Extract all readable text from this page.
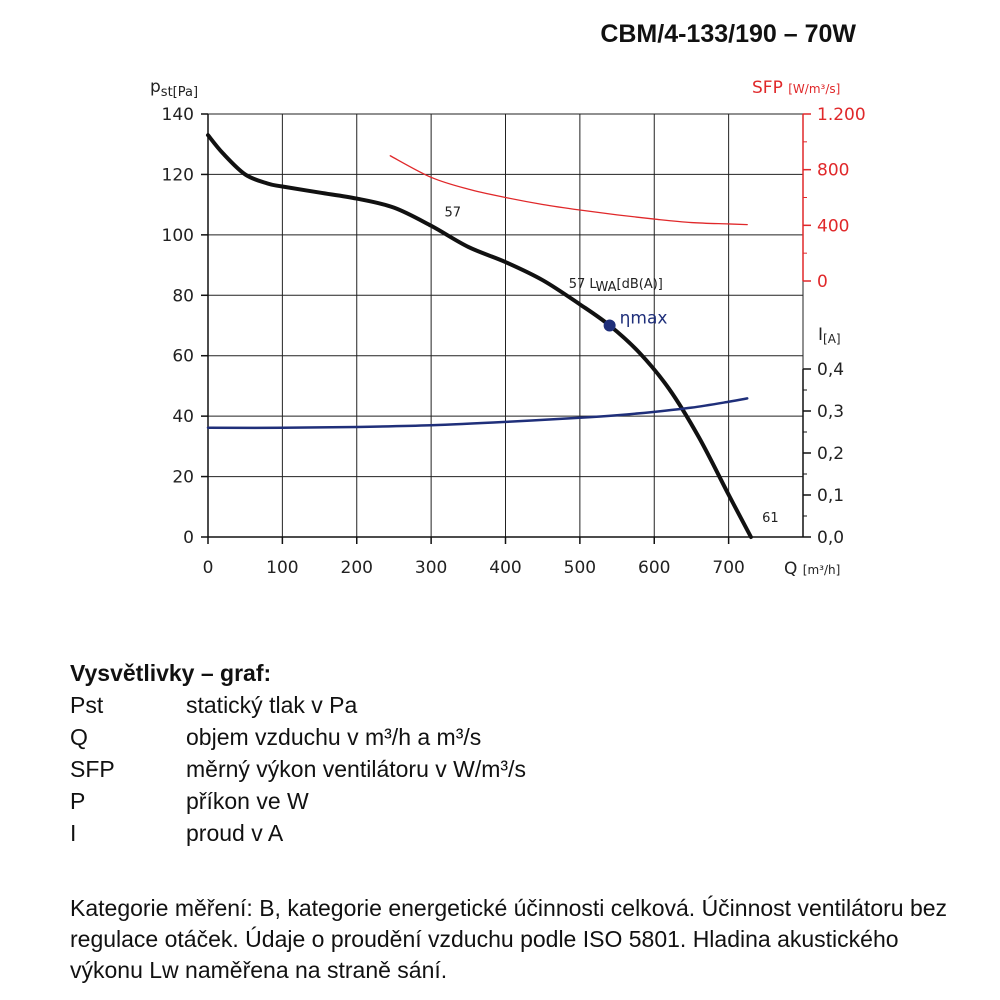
CBM/4-133/190 – 70W
0
20
40
60
80
100
120
140
0	100 200 300 400 500 600 700
0
400
800
1.200
0,0
0,1
0,2
0,3
0,4
$p_{st[Pa]}$	SFP [W/m³/s]
I[A]
Q [m³/h]
57
57 LWA[dB(A)]
ηmax
61
Vysvětlivky – graf:
Pst	statický tlak v Pa
Q	objem vzduchu v m³/h a m³/s
SFP	měrný výkon ventilátoru v W/m³/s
P	příkon ve W
I	proud v A
Kategorie měření: B, kategorie energetické účinnosti celková. Účinnost ventilátoru bez regulace otáček. Údaje o proudění vzduchu podle ISO 5801. Hladina akustického výkonu Lw naměřena na straně sání.
